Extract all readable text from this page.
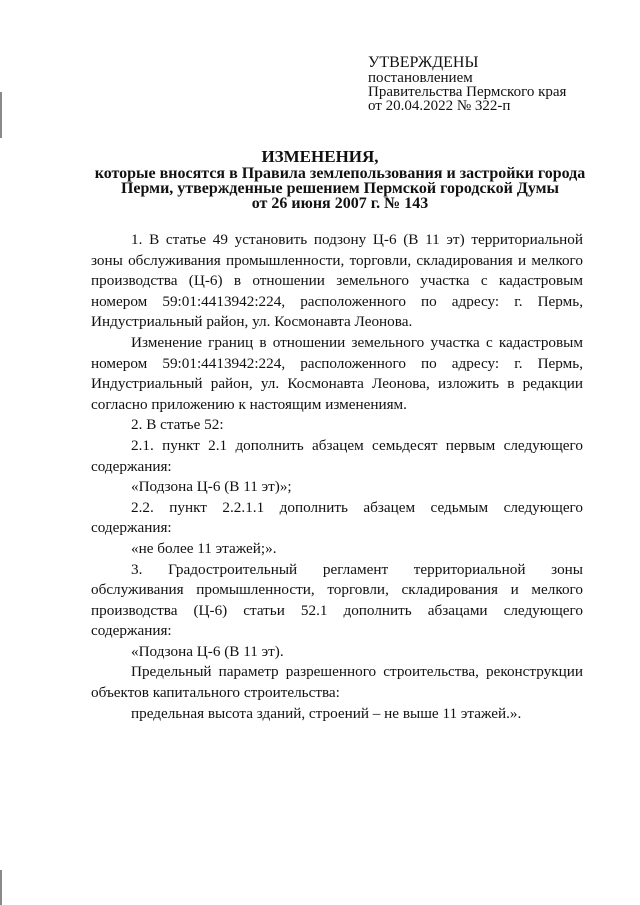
УТВЕРЖДЕНЫ
постановлением
Правительства Пермского края
от 20.04.2022 № 322-п
ИЗМЕНЕНИЯ,
которые вносятся в Правила землепользования и застройки города
Перми, утвержденные решением Пермской городской Думы
от 26 июня 2007 г. № 143

1. В статье 49 установить подзону Ц-6 (В 11 эт) территориальной зоны обслуживания промышленности, торговли, складирования и мелкого производства (Ц-6) в отношении земельного участка с кадастровым номером 59:01:4413942:224, расположенного по адресу: г. Пермь, Индустриальный район, ул. Космонавта Леонова.

Изменение границ в отношении земельного участка с кадастровым номером 59:01:4413942:224, расположенного по адресу: г. Пермь, Индустриальный район, ул. Космонавта Леонова, изложить в редакции согласно приложению к настоящим изменениям.

2. В статье 52:

2.1. пункт 2.1 дополнить абзацем семьдесят первым следующего содержания:

«Подзона Ц-6 (В 11 эт)»;

2.2. пункт 2.2.1.1 дополнить абзацем седьмым следующего содержания:

«не более 11 этажей;».

3. Градостроительный регламент территориальной зоны обслуживания промышленности, торговли, складирования и мелкого производства (Ц-6) статьи 52.1 дополнить абзацами следующего содержания:

«Подзона Ц-6 (В 11 эт).

Предельный параметр разрешенного строительства, реконструкции объектов капитального строительства:

предельная высота зданий, строений – не выше 11 этажей.».
